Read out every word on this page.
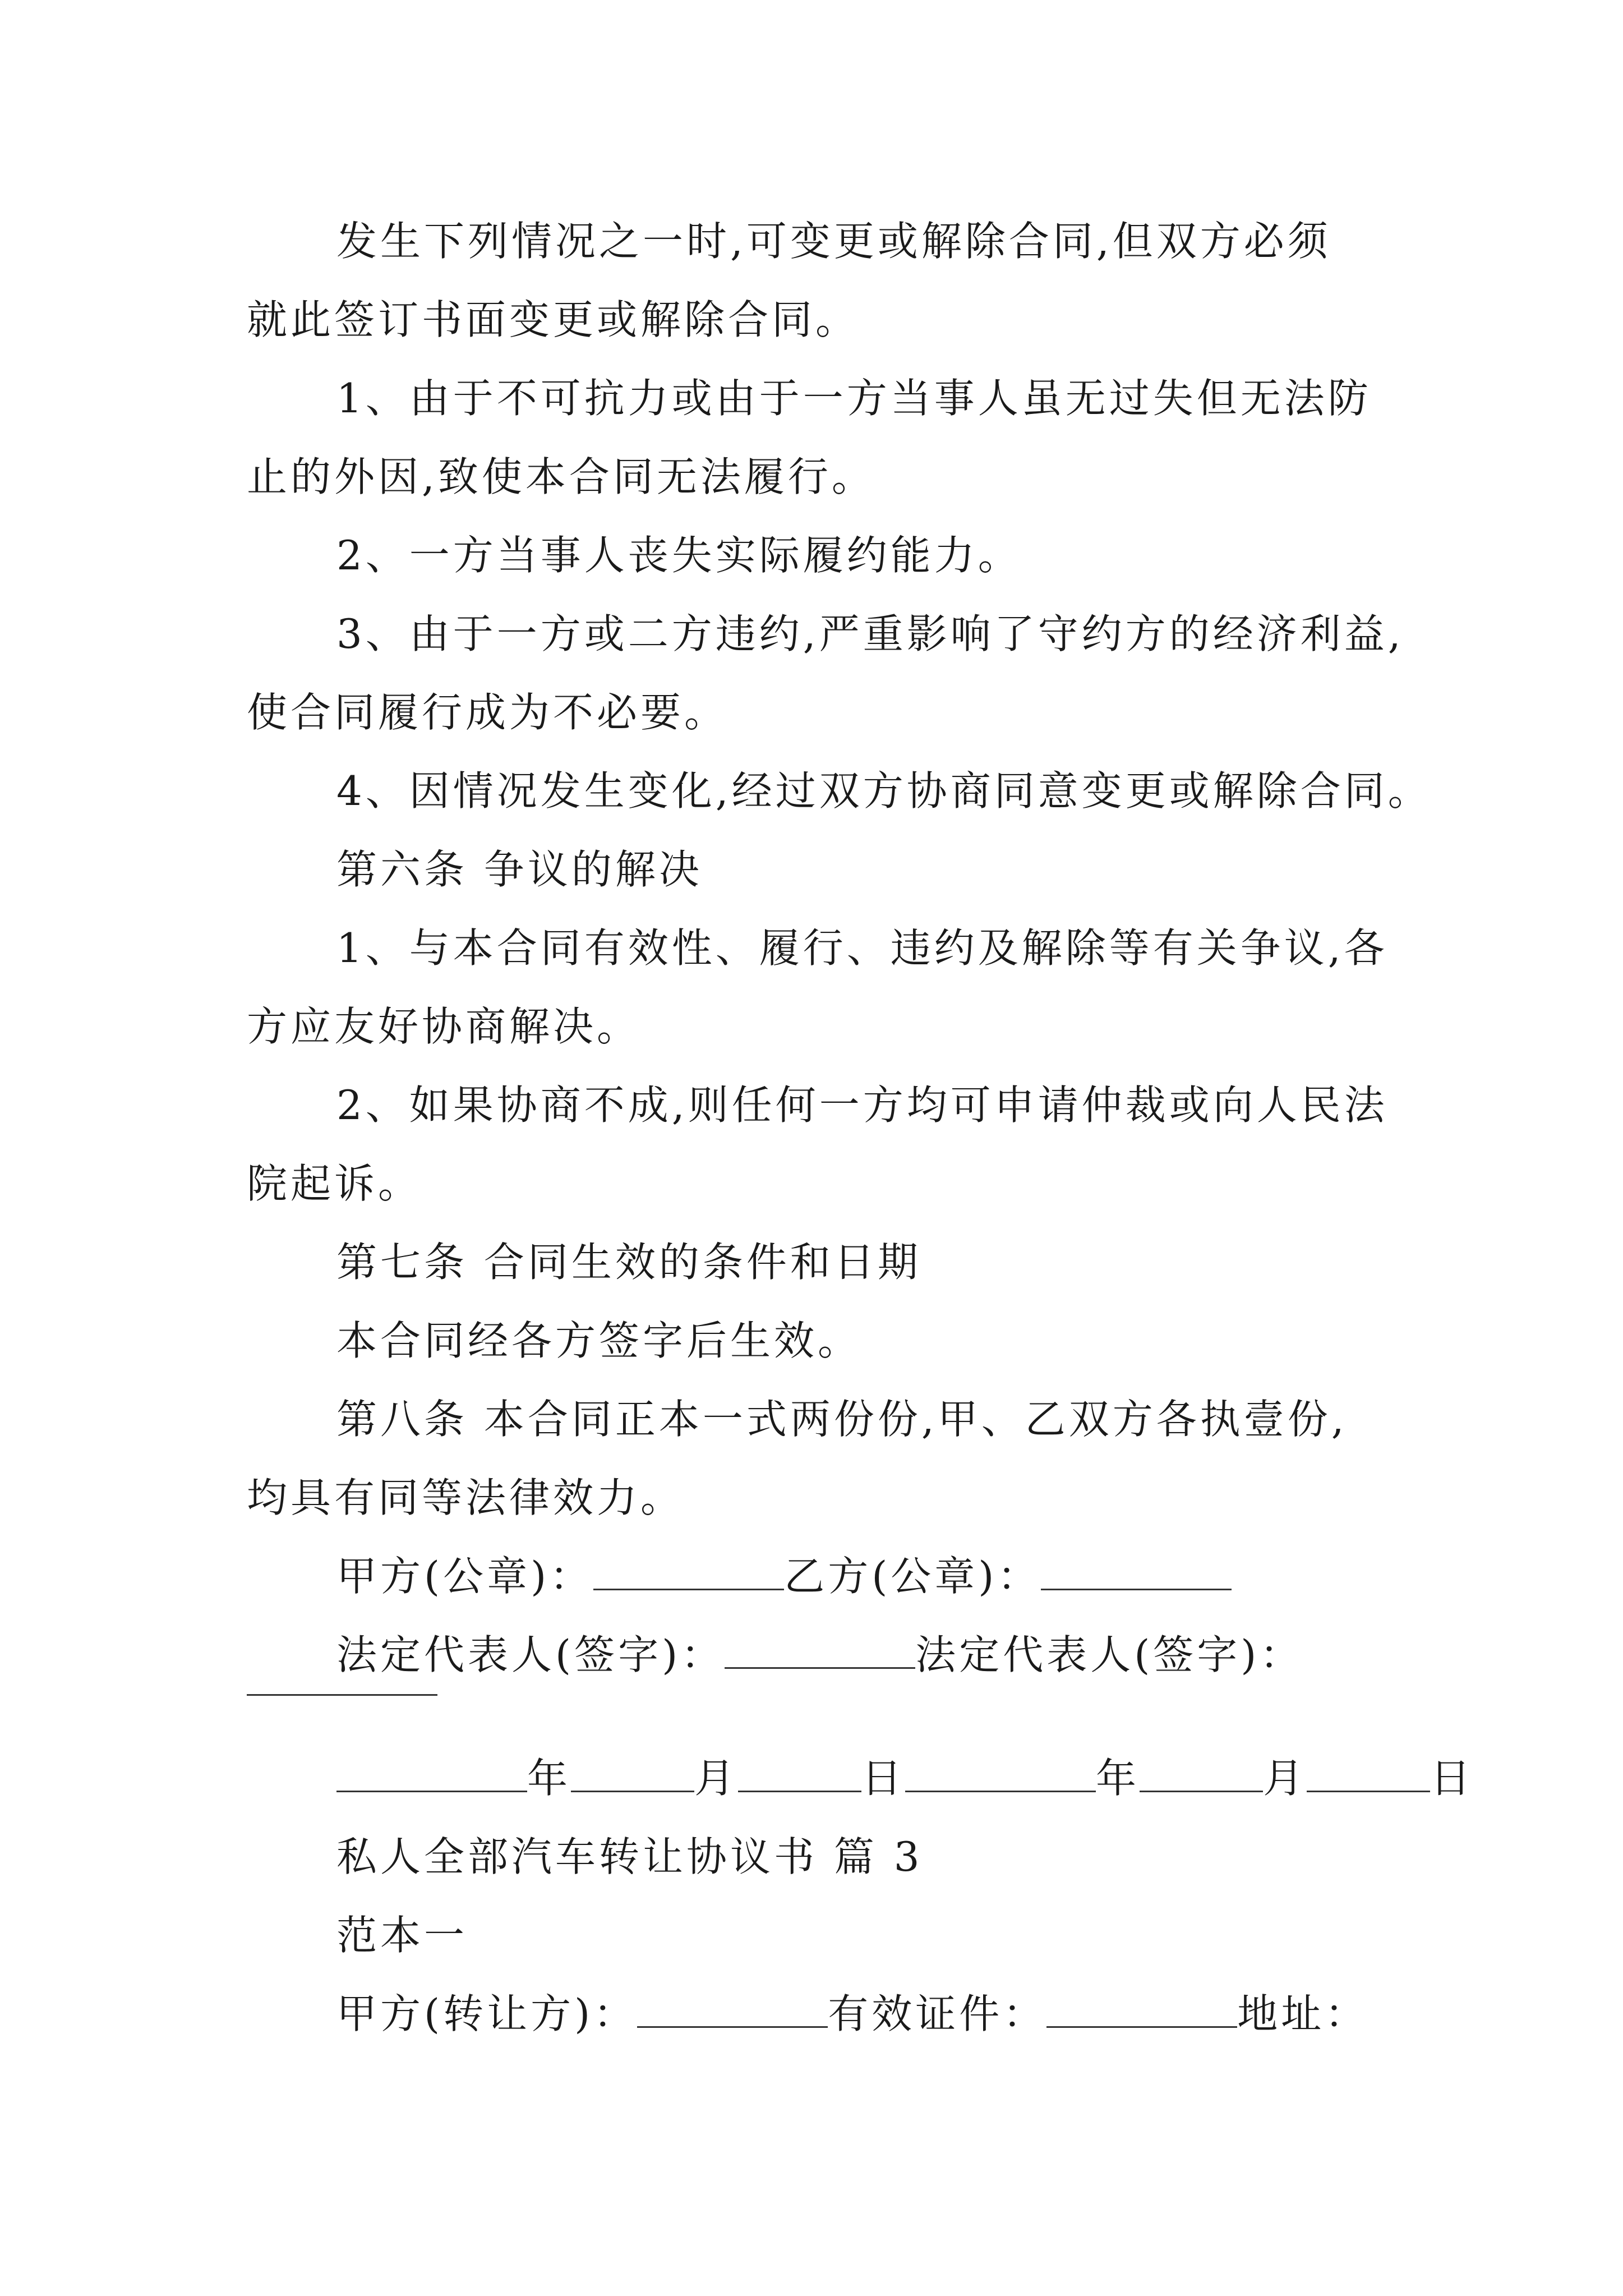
发生下列情况之一时,可变更或解除合同,但双方必须
就此签订书面变更或解除合同。
1、由于不可抗力或由于一方当事人虽无过失但无法防
止的外因,致使本合同无法履行。
2、一方当事人丧失实际履约能力。
3、由于一方或二方违约,严重影响了守约方的经济利益,
使合同履行成为不必要。
4、因情况发生变化,经过双方协商同意变更或解除合同。
第六条 争议的解决
1、与本合同有效性、履行、违约及解除等有关争议,各
方应友好协商解决。
2、如果协商不成,则任何一方均可申请仲裁或向人民法
院起诉。
第七条 合同生效的条件和日期
本合同经各方签字后生效。
第八条 本合同正本一式两份份,甲、乙双方各执壹份,
均具有同等法律效力。
甲方(公章)：	乙方(公章)：
法定代表人(签字)：	法定代表人(签字)：
年	月	日	年	月	日
私人全部汽车转让协议书 篇 3
范本一
甲方(转让方)：	有效证件：	地址：
